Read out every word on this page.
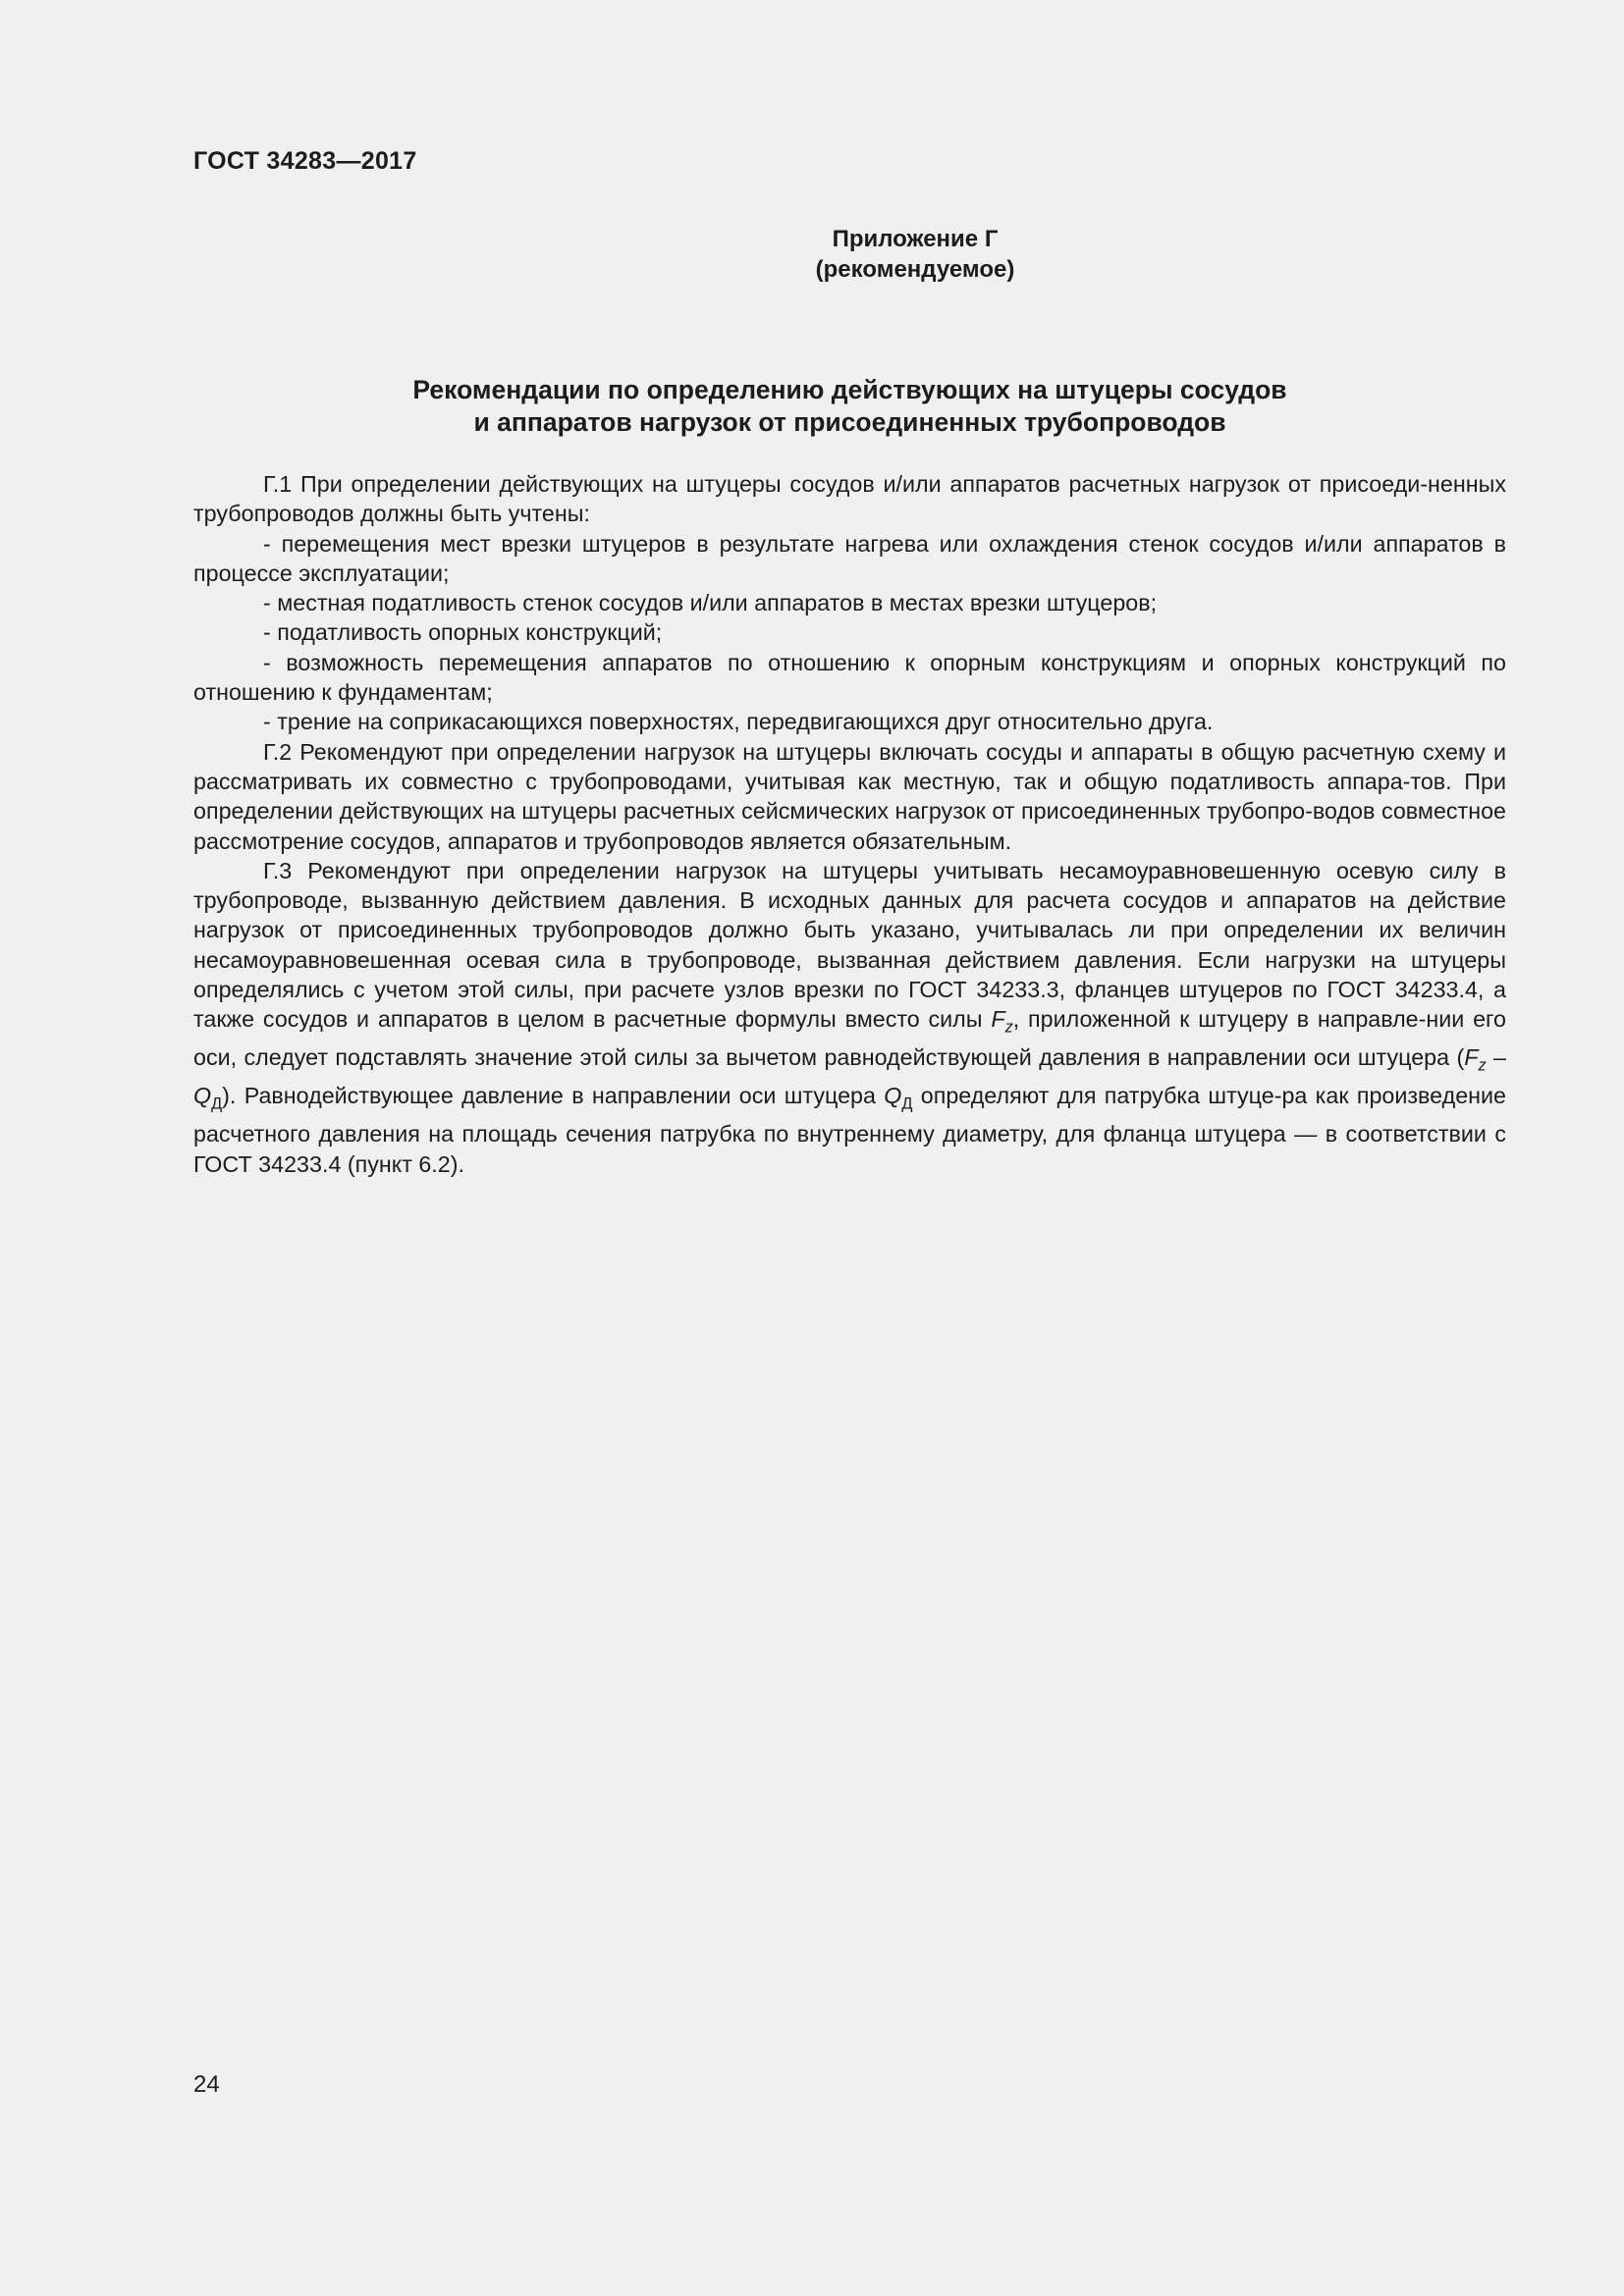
ГОСТ 34283—2017
Приложение Г
(рекомендуемое)
Рекомендации по определению действующих на штуцеры сосудов
и аппаратов нагрузок от присоединенных трубопроводов

Г.1 При определении действующих на штуцеры сосудов и/или аппаратов расчетных нагрузок от присоеди-ненных трубопроводов должны быть учтены:

- перемещения мест врезки штуцеров в результате нагрева или охлаждения стенок сосудов и/или аппаратов в процессе эксплуатации;

- местная податливость стенок сосудов и/или аппаратов в местах врезки штуцеров;

- податливость опорных конструкций;

- возможность перемещения аппаратов по отношению к опорным конструкциям и опорных конструкций по отношению к фундаментам;

- трение на соприкасающихся поверхностях, передвигающихся друг относительно друга.

Г.2 Рекомендуют при определении нагрузок на штуцеры включать сосуды и аппараты в общую расчетную схему и рассматривать их совместно с трубопроводами, учитывая как местную, так и общую податливость аппара-тов. При определении действующих на штуцеры расчетных сейсмических нагрузок от присоединенных трубопро-водов совместное рассмотрение сосудов, аппаратов и трубопроводов является обязательным.

Г.3 Рекомендуют при определении нагрузок на штуцеры учитывать несамоуравновешенную осевую силу в трубопроводе, вызванную действием давления. В исходных данных для расчета сосудов и аппаратов на действие нагрузок от присоединенных трубопроводов должно быть указано, учитывалась ли при определении их величин несамоуравновешенная осевая сила в трубопроводе, вызванная действием давления. Если нагрузки на штуцеры определялись с учетом этой силы, при расчете узлов врезки по ГОСТ 34233.3, фланцев штуцеров по ГОСТ 34233.4, а также сосудов и аппаратов в целом в расчетные формулы вместо силы $F_z$, приложенной к штуцеру в направле-нии его оси, следует подставлять значение этой силы за вычетом равнодействующей давления в направлении оси штуцера $(F_z - Q_Д)$. Равнодействующее давление в направлении оси штуцера $Q_Д$ определяют для патрубка штуце-ра как произведение расчетного давления на площадь сечения патрубка по внутреннему диаметру, для фланца штуцера — в соответствии с ГОСТ 34233.4 (пункт 6.2).

24
